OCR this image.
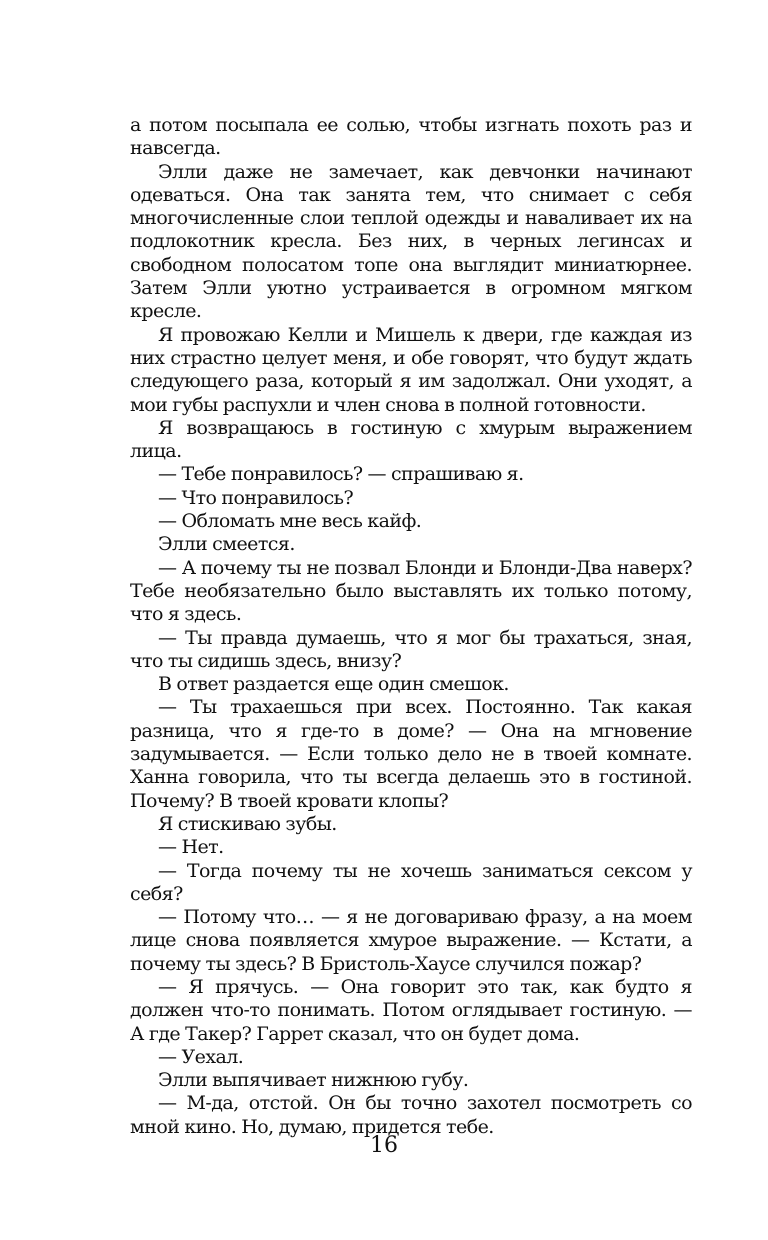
а потом посыпала ее солью, чтобы изгнать похоть раз и навсегда.

Элли даже не замечает, как девчонки начинают одеваться. Она так занята тем, что снимает с себя многочисленные слои теплой одежды и наваливает их на подлокотник кресла. Без них, в черных легинсах и свободном полосатом топе она выглядит миниатюрнее. Затем Элли уютно устраивается в огромном мягком кресле.

Я провожаю Келли и Мишель к двери, где каждая из них страстно целует меня, и обе говорят, что будут ждать следующего раза, который я им задолжал. Они уходят, а мои губы распухли и член снова в полной готовности.

Я возвращаюсь в гостиную с хмурым выражением лица.

— Тебе понравилось? — спрашиваю я.

— Что понравилось?

— Обломать мне весь кайф.

Элли смеется.

— А почему ты не позвал Блонди и Блонди-Два наверх? Тебе необязательно было выставлять их только потому, что я здесь.

— Ты правда думаешь, что я мог бы трахаться, зная, что ты сидишь здесь, внизу?

В ответ раздается еще один смешок.

— Ты трахаешься при всех. Постоянно. Так какая разница, что я где-то в доме? — Она на мгновение задумывается. — Если только дело не в твоей комнате. Ханна говорила, что ты всегда делаешь это в гостиной. Почему? В твоей кровати клопы?

Я стискиваю зубы.

— Нет.

— Тогда почему ты не хочешь заниматься сексом у себя?

— Потому что… — я не договариваю фразу, а на моем лице снова появляется хмурое выражение. — Кстати, а почему ты здесь? В Бристоль-Хаусе случился пожар?

— Я прячусь. — Она говорит это так, как будто я должен что-то понимать. Потом оглядывает гостиную. — А где Такер? Гаррет сказал, что он будет дома.

— Уехал.

Элли выпячивает нижнюю губу.

— М-да, отстой. Он бы точно захотел посмотреть со мной кино. Но, думаю, придется тебе.

16
